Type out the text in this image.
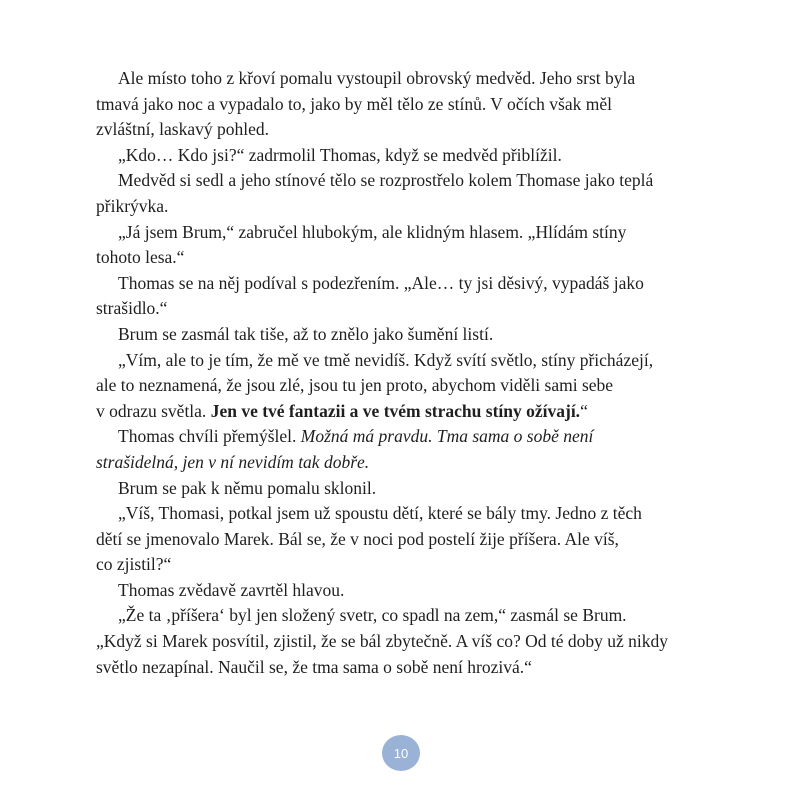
Ale místo toho z křoví pomalu vystoupil obrovský medvěd. Jeho srst byla
tmavá jako noc a vypadalo to, jako by měl tělo ze stínů. V očích však měl
zvláštní, laskavý pohled.

„Kdo… Kdo jsi?“ zadrmolil Thomas, když se medvěd přiblížil.

Medvěd si sedl a jeho stínové tělo se rozprostřelo kolem Thomase jako teplá
přikrývka.

„Já jsem Brum,“ zabručel hlubokým, ale klidným hlasem. „Hlídám stíny
tohoto lesa.“

Thomas se na něj podíval s podezřením. „Ale… ty jsi děsivý, vypadáš jako
strašidlo.“

Brum se zasmál tak tiše, až to znělo jako šumění listí.

„Vím, ale to je tím, že mě ve tmě nevidíš. Když svítí světlo, stíny přicházejí,
ale to neznamená, že jsou zlé, jsou tu jen proto, abychom viděli sami sebe
v odrazu světla. Jen ve tvé fantazii a ve tvém strachu stíny ožívají.“

Thomas chvíli přemýšlel. Možná má pravdu. Tma sama o sobě není
strašidelná, jen v ní nevidím tak dobře.

Brum se pak k němu pomalu sklonil.

„Víš, Thomasi, potkal jsem už spoustu dětí, které se bály tmy. Jedno z těch
dětí se jmenovalo Marek. Bál se, že v noci pod postelí žije příšera. Ale víš,
co zjistil?“

Thomas zvědavě zavrtěl hlavou.

„Že ta ‚příšera‘ byl jen složený svetr, co spadl na zem,“ zasmál se Brum.
„Když si Marek posvítil, zjistil, že se bál zbytečně. A víš co? Od té doby už nikdy
světlo nezapínal. Naučil se, že tma sama o sobě není hrozivá.“

10
